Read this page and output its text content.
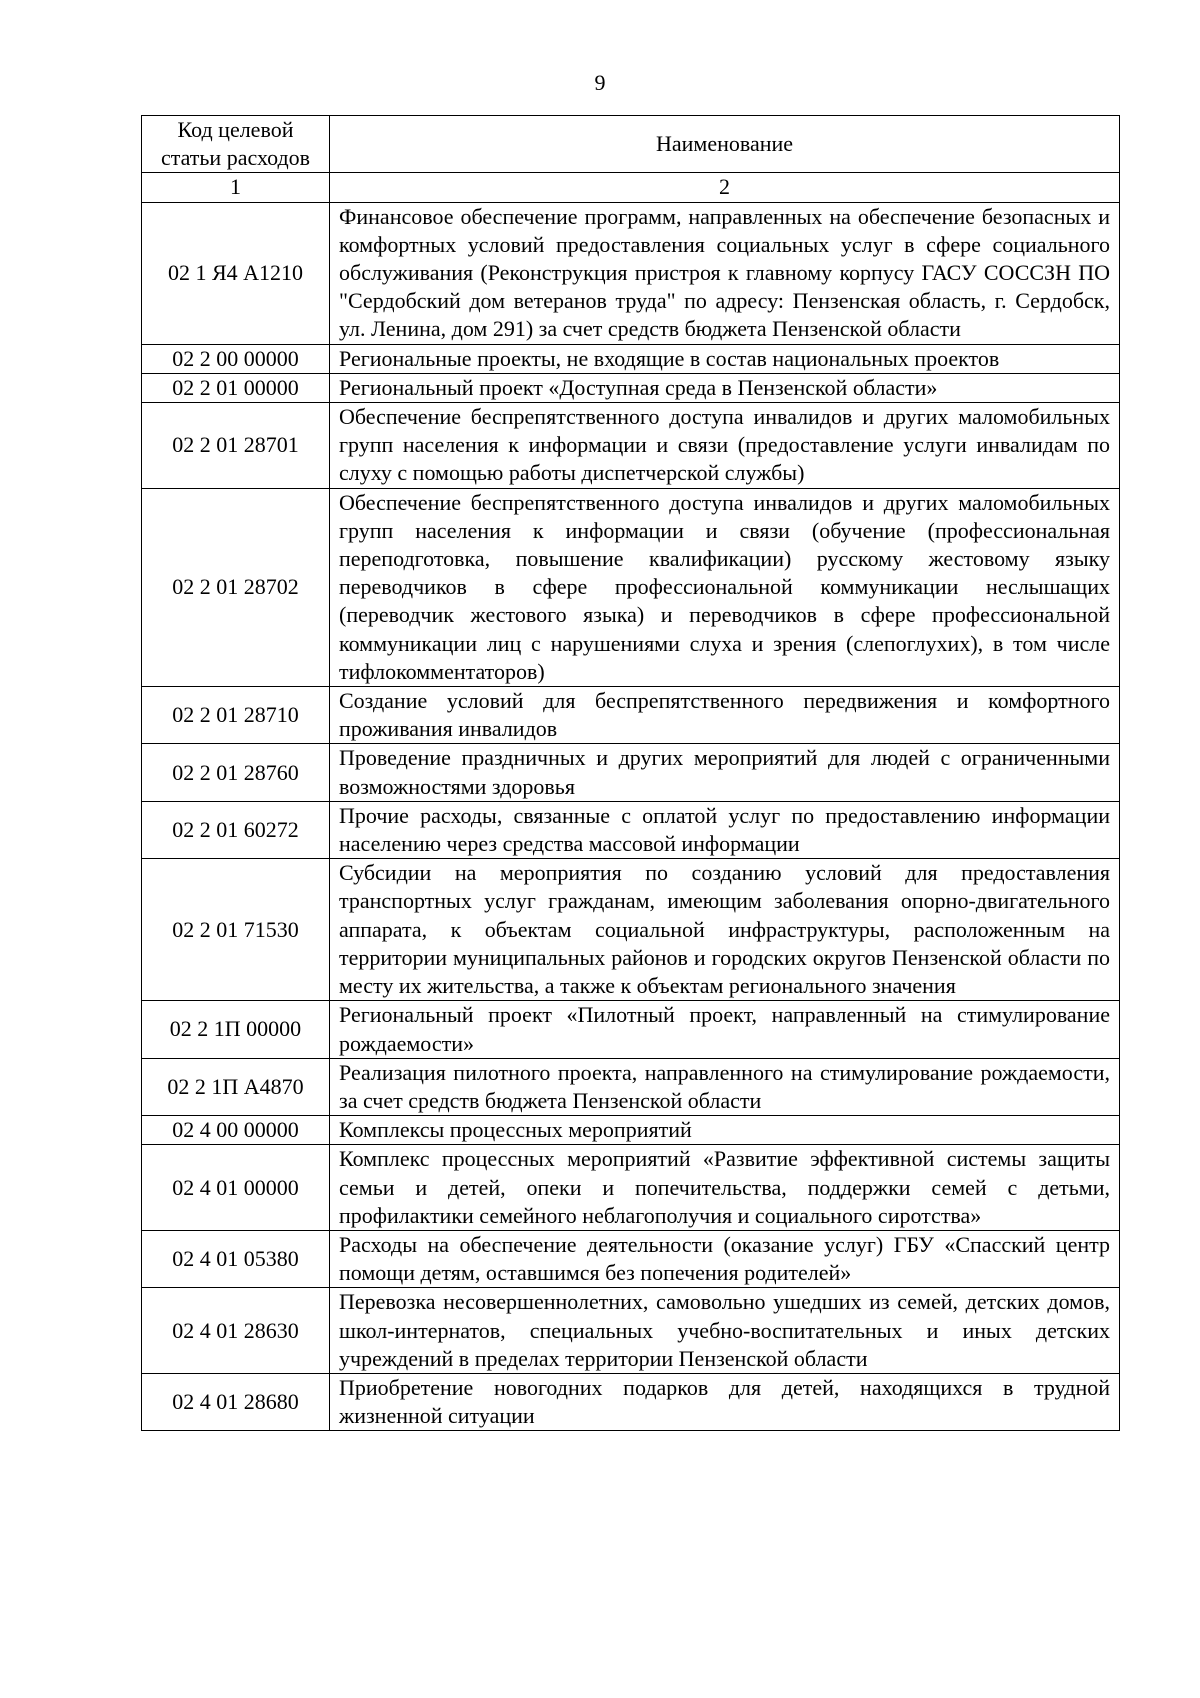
9
Код целевой статьи расходов	Наименование
1	2
02 1 Я4 А1210	Финансовое обеспечение программ, направленных на обеспечение безопасных и комфортных условий предоставления социальных услуг в сфере социального обслуживания (Реконструкция пристроя к главному корпусу ГАСУ СОССЗН ПО "Сердобский дом ветеранов труда" по адресу: Пензенская область, г. Сердобск, ул. Ленина, дом 291) за счет средств бюджета Пензенской области
02 2 00 00000	Региональные проекты, не входящие в состав национальных проектов
02 2 01 00000	Региональный проект «Доступная среда в Пензенской области»
02 2 01 28701	Обеспечение беспрепятственного доступа инвалидов и других маломобильных групп населения к информации и связи (предоставление услуги инвалидам по слуху с помощью работы диспетчерской службы)
02 2 01 28702	Обеспечение беспрепятственного доступа инвалидов и других маломобильных групп населения к информации и связи (обучение (профессиональная переподготовка, повышение квалификации) русскому жестовому языку переводчиков в сфере профессиональной коммуникации неслышащих (переводчик жестового языка) и переводчиков в сфере профессиональной коммуникации лиц с нарушениями слуха и зрения (слепоглухих), в том числе тифлокомментаторов)
02 2 01 28710	Создание условий для беспрепятственного передвижения и комфортного проживания инвалидов
02 2 01 28760	Проведение праздничных и других мероприятий для людей с ограниченными возможностями здоровья
02 2 01 60272	Прочие расходы, связанные с оплатой услуг по предоставлению информации населению через средства массовой информации
02 2 01 71530	Субсидии на мероприятия по созданию условий для предоставления транспортных услуг гражданам, имеющим заболевания опорно-двигательного аппарата, к объектам социальной инфраструктуры, расположенным на территории муниципальных районов и городских округов Пензенской области по месту их жительства, а также к объектам регионального значения
02 2 1П 00000	Региональный проект «Пилотный проект, направленный на стимулирование рождаемости»
02 2 1П А4870	Реализация пилотного проекта, направленного на стимулирование рождаемости, за счет средств бюджета Пензенской области
02 4 00 00000	Комплексы процессных мероприятий
02 4 01 00000	Комплекс процессных мероприятий «Развитие эффективной системы защиты семьи и детей, опеки и попечительства, поддержки семей с детьми, профилактики семейного неблагополучия и социального сиротства»
02 4 01 05380	Расходы на обеспечение деятельности (оказание услуг) ГБУ «Спасский центр помощи детям, оставшимся без попечения родителей»
02 4 01 28630	Перевозка несовершеннолетних, самовольно ушедших из семей, детских домов, школ-интернатов, специальных учебно-воспитательных и иных детских учреждений в пределах территории Пензенской области
02 4 01 28680	Приобретение новогодних подарков для детей, находящихся в трудной жизненной ситуации
